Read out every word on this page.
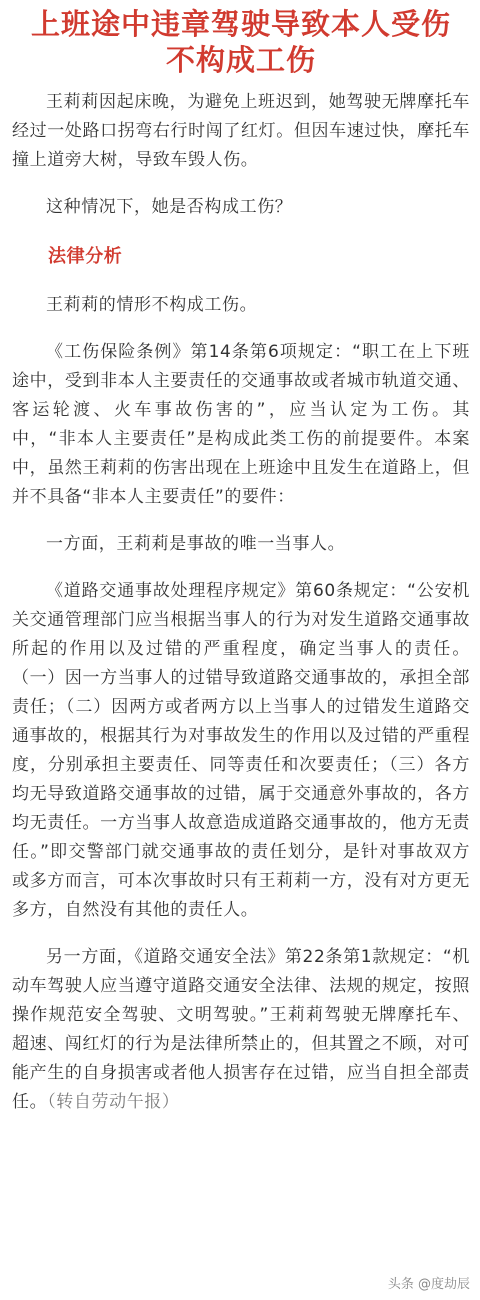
上班途中违章驾驶导致本人受伤
不构成工伤

王莉莉因起床晚，为避免上班迟到，她驾驶无牌摩托车经过一处路口拐弯右行时闯了红灯。但因车速过快，摩托车撞上道旁大树，导致车毁人伤。

这种情况下，她是否构成工伤？

法律分析

王莉莉的情形不构成工伤。

《工伤保险条例》第14条第6项规定：“职工在上下班途中，受到非本人主要责任的交通事故或者城市轨道交通、客运轮渡、火车事故伤害的”，应当认定为工伤。其中，“非本人主要责任”是构成此类工伤的前提要件。本案中，虽然王莉莉的伤害出现在上班途中且发生在道路上，但并不具备“非本人主要责任”的要件：

一方面，王莉莉是事故的唯一当事人。

《道路交通事故处理程序规定》第60条规定：“公安机关交通管理部门应当根据当事人的行为对发生道路交通事故所起的作用以及过错的严重程度，确定当事人的责任。（一）因一方当事人的过错导致道路交通事故的，承担全部责任；（二）因两方或者两方以上当事人的过错发生道路交通事故的，根据其行为对事故发生的作用以及过错的严重程度，分别承担主要责任、同等责任和次要责任；（三）各方均无导致道路交通事故的过错，属于交通意外事故的，各方均无责任。一方当事人故意造成道路交通事故的，他方无责任。”即交警部门就交通事故的责任划分，是针对事故双方或多方而言，可本次事故时只有王莉莉一方，没有对方更无多方，自然没有其他的责任人。

另一方面，《道路交通安全法》第22条第1款规定：“机动车驾驶人应当遵守道路交通安全法律、法规的规定，按照操作规范安全驾驶、文明驾驶。”王莉莉驾驶无牌摩托车、超速、闯红灯的行为是法律所禁止的，但其置之不顾，对可能产生的自身损害或者他人损害存在过错，应当自担全部责任。（转自劳动午报）

头条 @度劫辰
